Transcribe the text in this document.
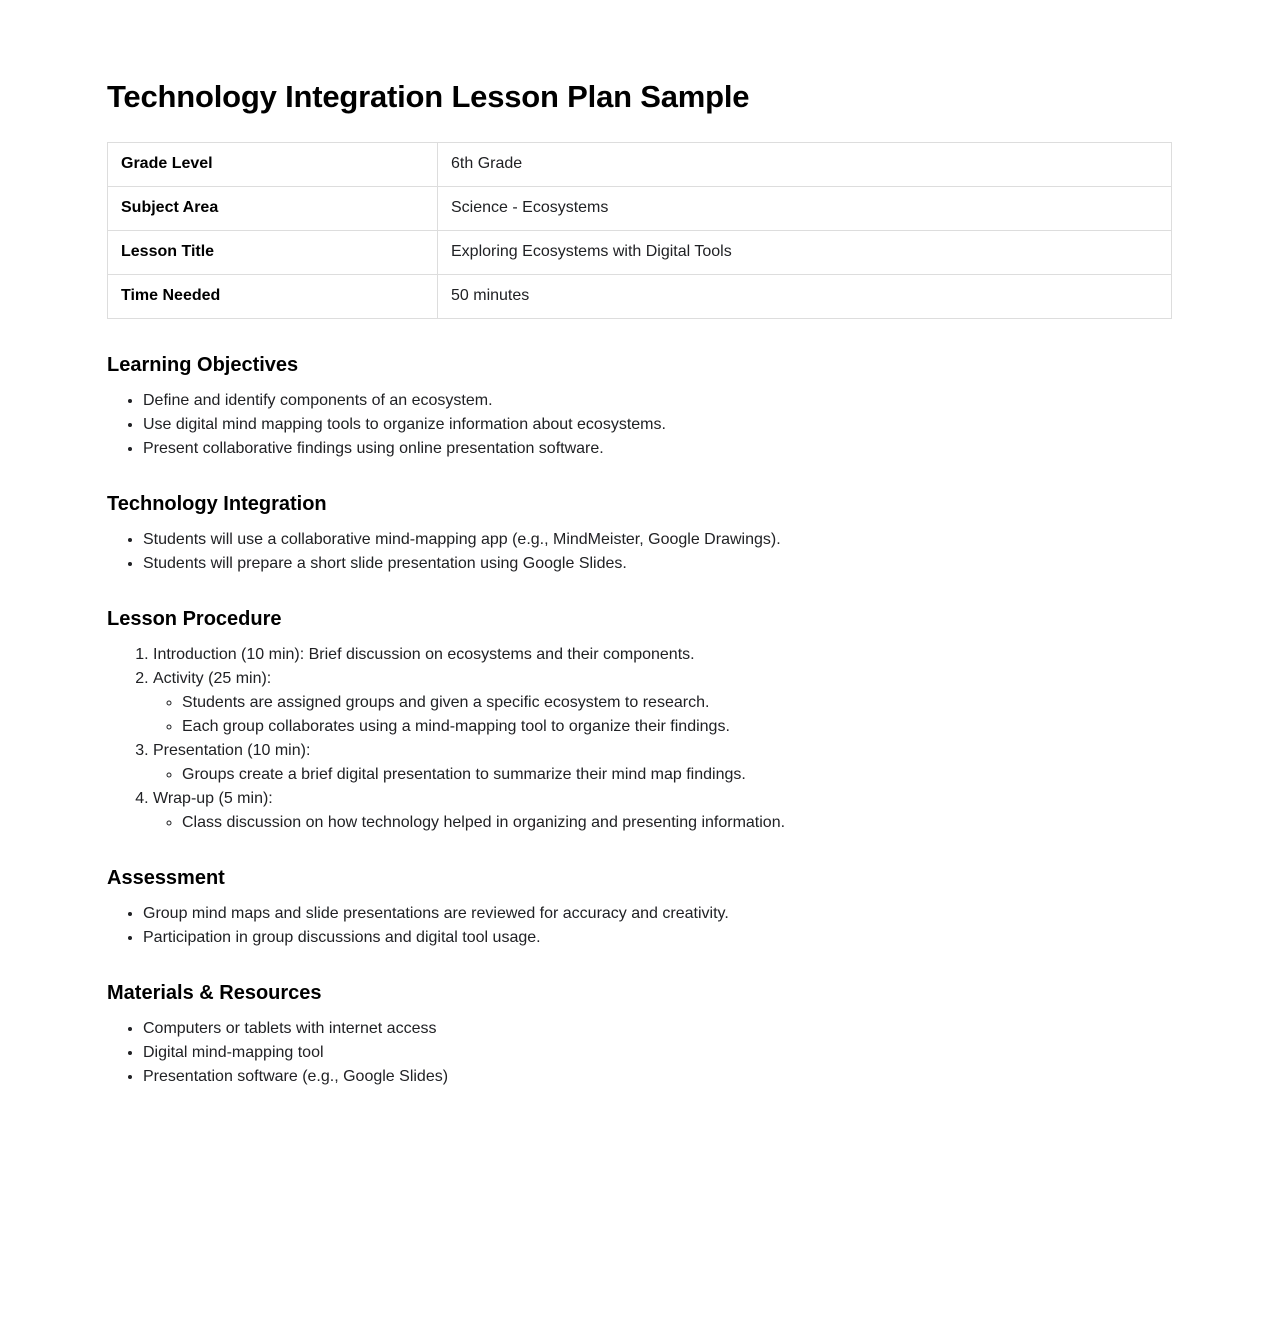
Technology Integration Lesson Plan Sample
Grade Level	6th Grade
Subject Area	Science - Ecosystems
Lesson Title	Exploring Ecosystems with Digital Tools
Time Needed	50 minutes
Learning Objectives
• Define and identify components of an ecosystem.
• Use digital mind mapping tools to organize information about ecosystems.
• Present collaborative findings using online presentation software.
Technology Integration
• Students will use a collaborative mind-mapping app (e.g., MindMeister, Google Drawings).
• Students will prepare a short slide presentation using Google Slides.
Lesson Procedure
1. Introduction (10 min): Brief discussion on ecosystems and their components.
2. Activity (25 min):
◦ Students are assigned groups and given a specific ecosystem to research.
◦ Each group collaborates using a mind-mapping tool to organize their findings.
3. Presentation (10 min):
◦ Groups create a brief digital presentation to summarize their mind map findings.
4. Wrap-up (5 min):
◦ Class discussion on how technology helped in organizing and presenting information.
Assessment
• Group mind maps and slide presentations are reviewed for accuracy and creativity.
• Participation in group discussions and digital tool usage.
Materials & Resources
• Computers or tablets with internet access
• Digital mind-mapping tool
• Presentation software (e.g., Google Slides)
